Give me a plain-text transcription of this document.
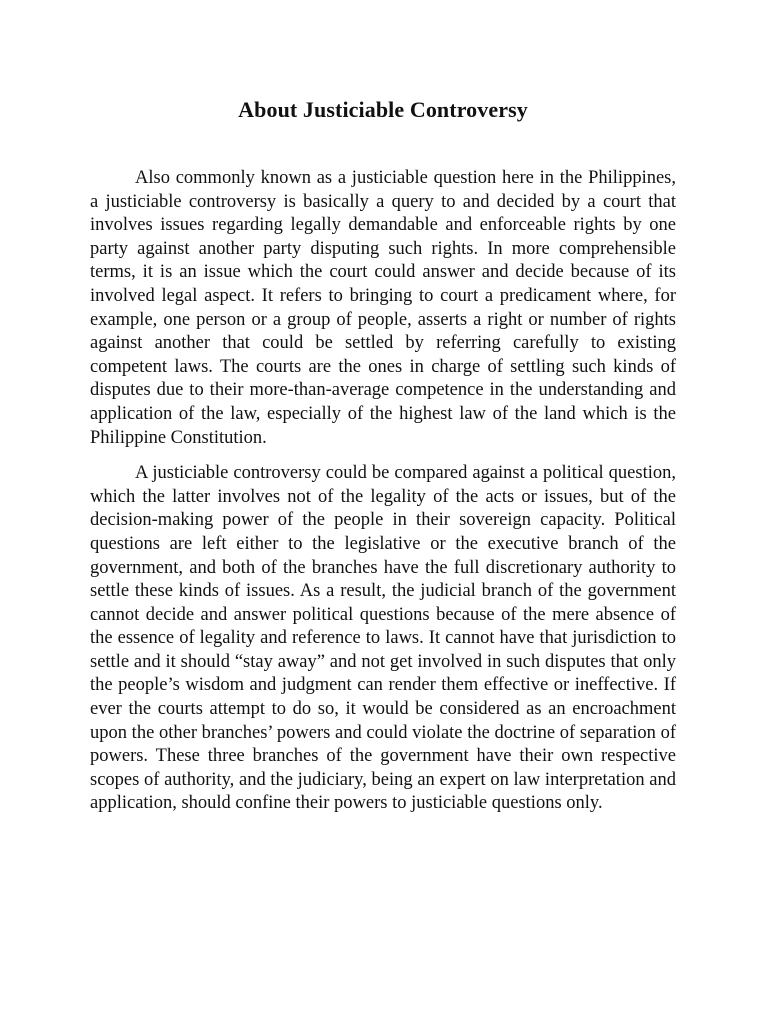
About Justiciable Controversy

Also commonly known as a justiciable question here in the Philippines, a justiciable controversy is basically a query to and decided by a court that involves issues regarding legally demandable and enforceable rights by one party against another party disputing such rights. In more comprehensible terms, it is an issue which the court could answer and decide because of its involved legal aspect. It refers to bringing to court a predicament where, for example, one person or a group of people, asserts a right or number of rights against another that could be settled by referring carefully to existing competent laws. The courts are the ones in charge of settling such kinds of disputes due to their more-than-average competence in the understanding and application of the law, especially of the highest law of the land which is the Philippine Constitution.

A justiciable controversy could be compared against a political question, which the latter involves not of the legality of the acts or issues, but of the decision-making power of the people in their sovereign capacity. Political questions are left either to the legislative or the executive branch of the government, and both of the branches have the full discretionary authority to settle these kinds of issues. As a result, the judicial branch of the government cannot decide and answer political questions because of the mere absence of the essence of legality and reference to laws. It cannot have that jurisdiction to settle and it should “stay away” and not get involved in such disputes that only the people’s wisdom and judgment can render them effective or ineffective. If ever the courts attempt to do so, it would be considered as an encroachment upon the other branches’ powers and could violate the doctrine of separation of powers. These three branches of the government have their own respective scopes of authority, and the judiciary, being an expert on law interpretation and application, should confine their powers to justiciable questions only.
